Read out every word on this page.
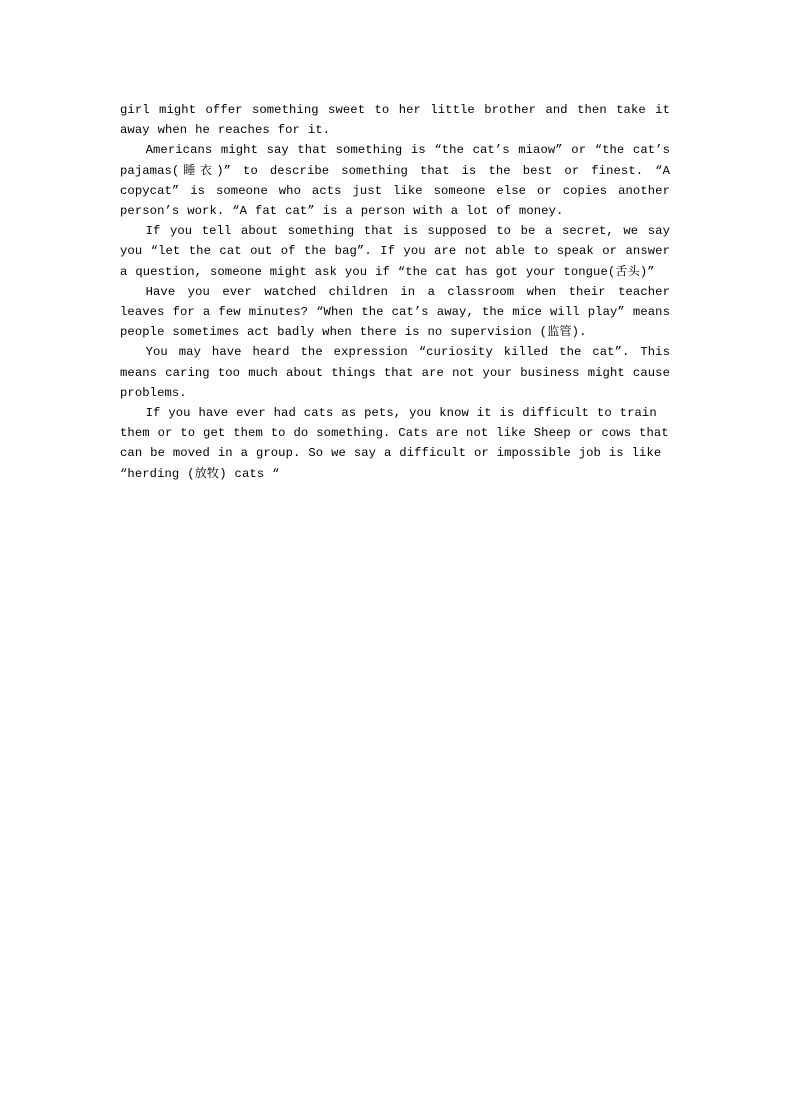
girl might offer something sweet to her little brother and then take it away when he reaches for it.

Americans might say that something is “the cat’s miaow” or “the cat’s pajamas(睡衣)” to describe something that is the best or finest. “A copycat” is someone who acts just like someone else or copies another person’s work. “A fat cat” is a person with a lot of money.

If you tell about something that is supposed to be a secret, we say you “let the cat out of the bag”. If you are not able to speak or answer a question, someone might ask you if “the cat has got your tongue(舌头)”

Have you ever watched children in a classroom when their teacher leaves for a few minutes? “When the cat’s away, the mice will play” means people sometimes act badly when there is no supervision (监管).

You may have heard the expression “curiosity killed the cat”. This means caring too much about things that are not your business might cause problems.

If you have ever had cats as pets, you know it is difficult to train them or to get them to do something. Cats are not like Sheep or cows that can be moved in a group. So we say a difficult or impossible job is like “herding (放牧) cats “
